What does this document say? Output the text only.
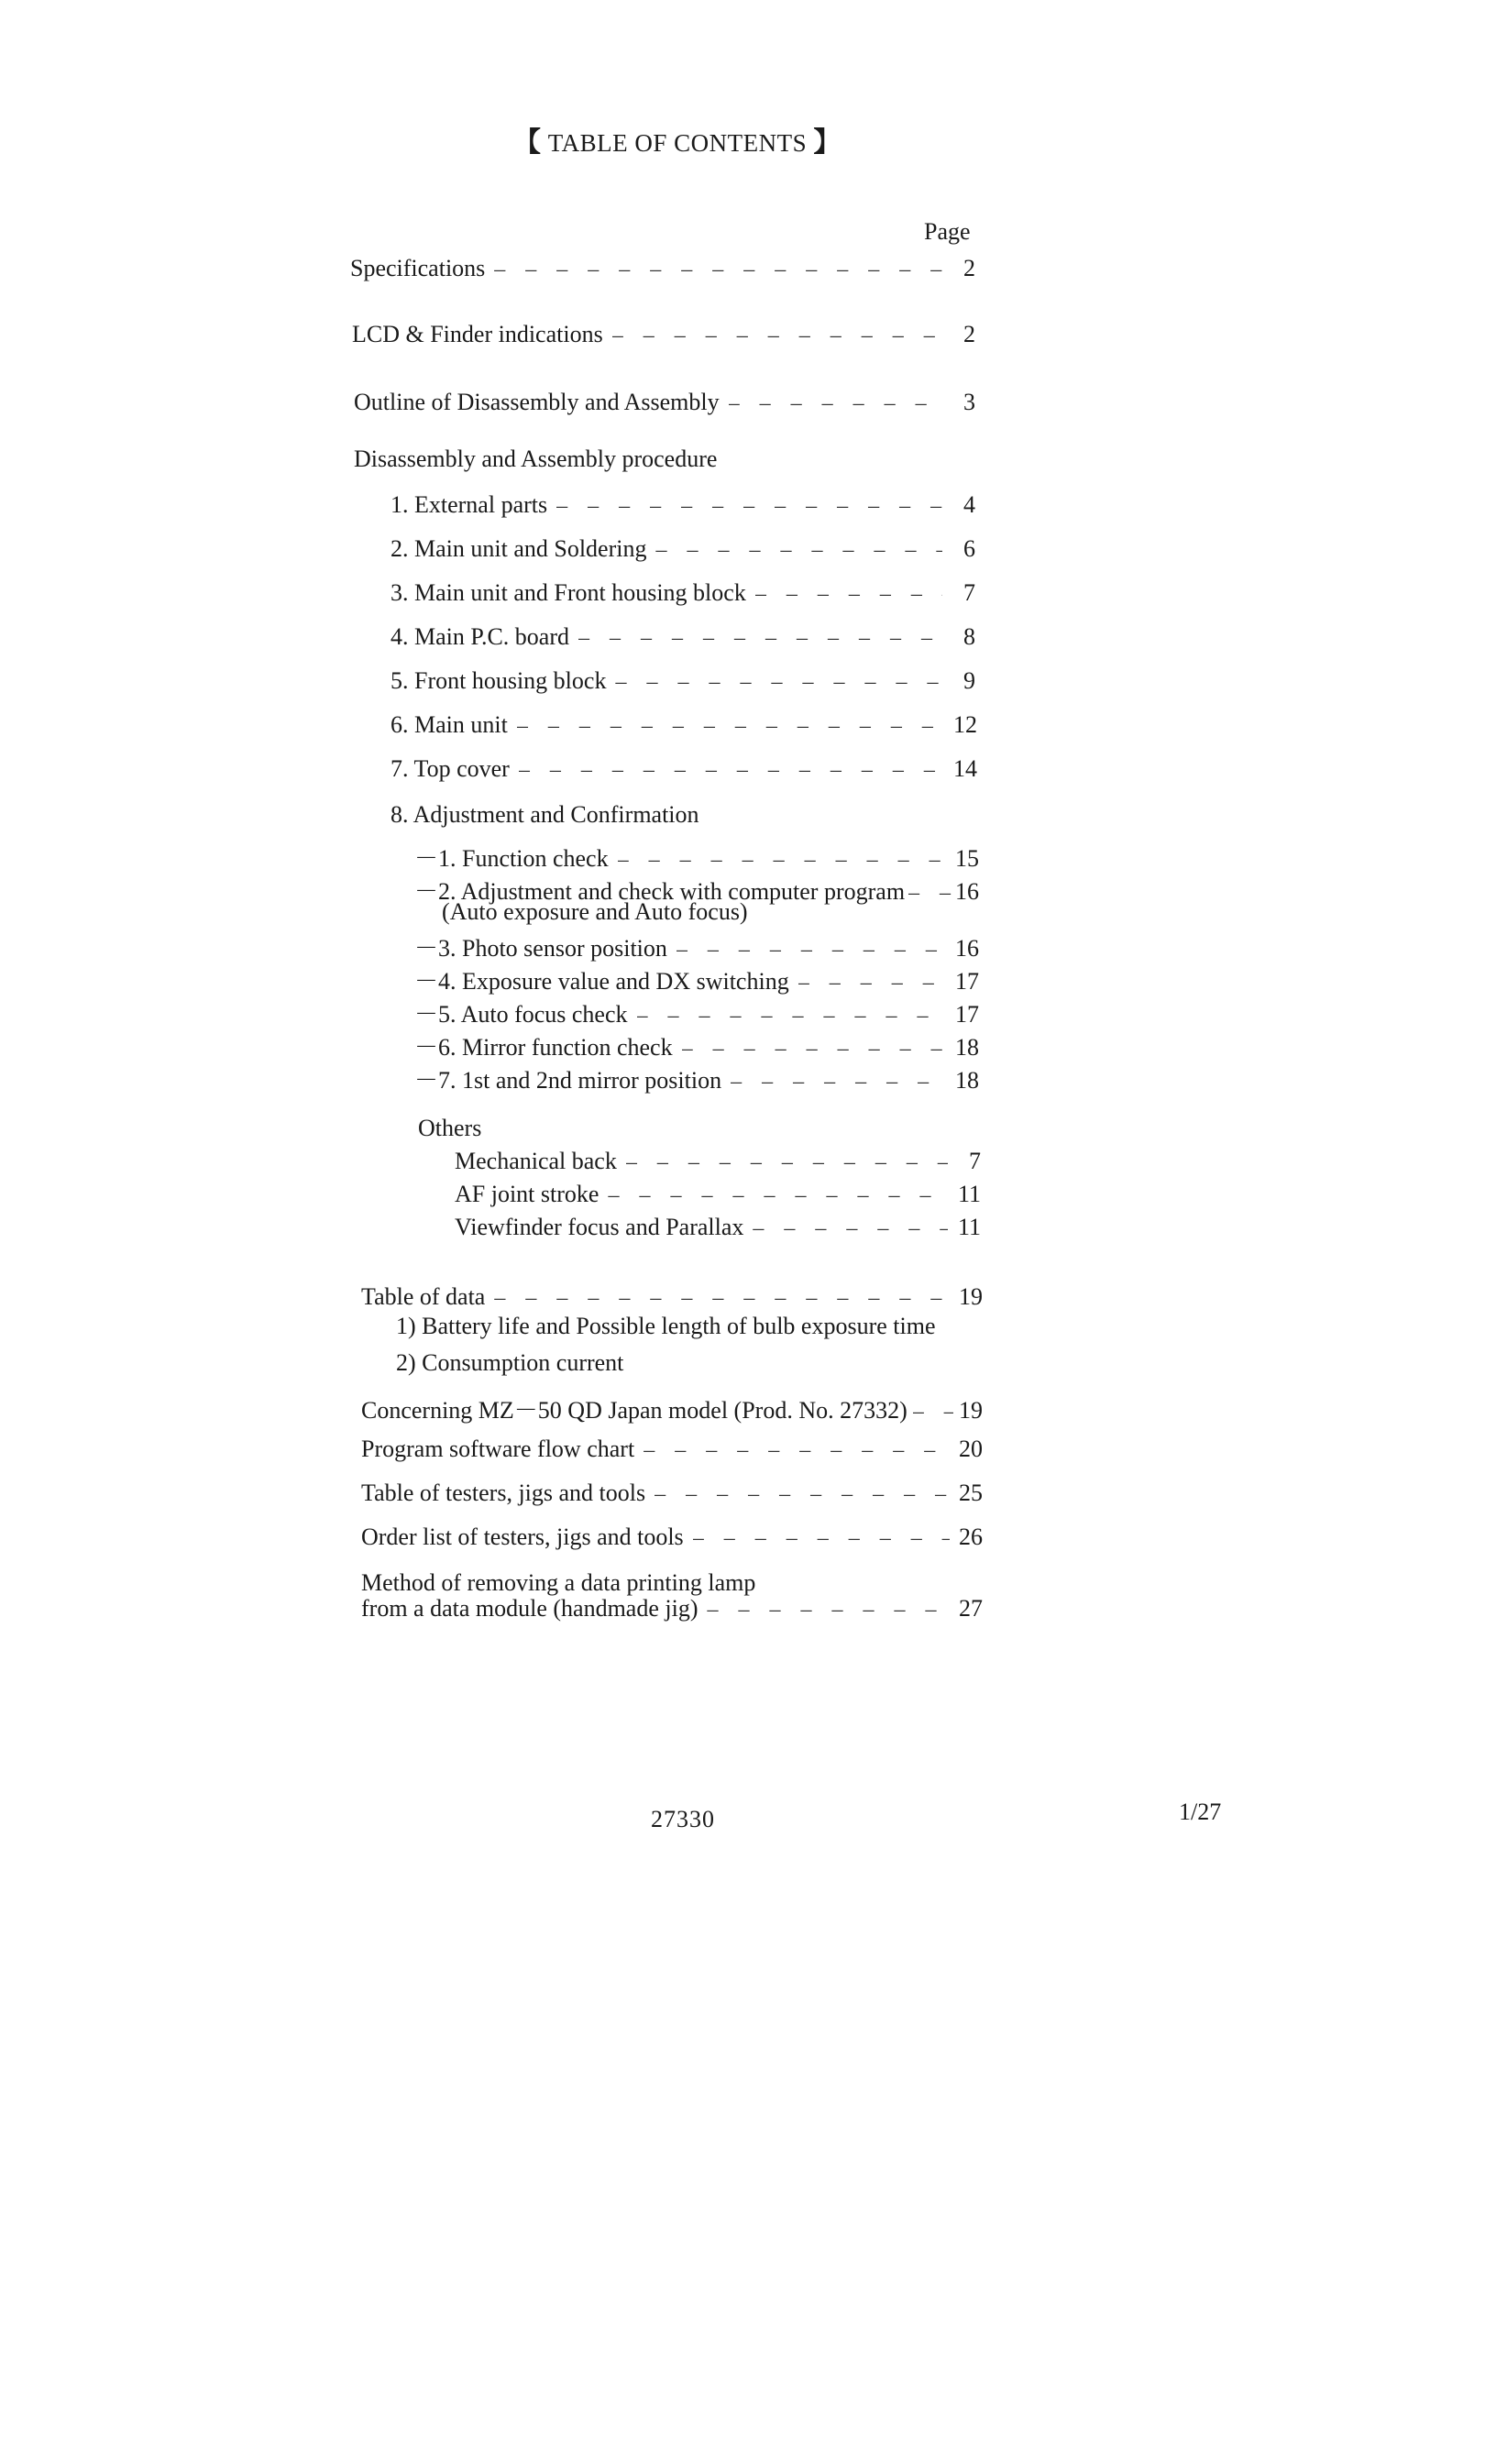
【 TABLE OF CONTENTS 】
Page
Specifications – – –	2
LCD & Finder indications – – –	2
Outline of Disassembly and Assembly – – –	3
Disassembly and Assembly procedure
1. External parts – – –	4
2. Main unit and Soldering – – –	6
3. Main unit and Front housing block – – –	7
4. Main P.C. board – – –	8
5. Front housing block – – –	9
6. Main unit – – –	12
7. Top cover – – –	14
8. Adjustment and Confirmation
－1. Function check – – –	15
－2. Adjustment and check with computer program – – – 16
(Auto exposure and Auto focus)
－3. Photo sensor position – – –	16
－4. Exposure value and DX switching – – –	17
－5. Auto focus check – – –	17
－6. Mirror function check – – –	18
－7. 1st and 2nd mirror position – – –	18
Others
Mechanical back – – –	7
AF joint stroke – – –	11
Viewfinder focus and Parallax – – –	11
Table of data – – –	19
1) Battery life and Possible length of bulb exposure time
2) Consumption current
Concerning MZ－50 QD Japan model (Prod. No. 27332) – – – 19
Program software flow chart – – –	20
Table of testers, jigs and tools – – –	25
Order list of testers, jigs and tools – – –	26
Method of removing a data printing lamp
from a data module (handmade jig) – – –	27
27330	1/27
